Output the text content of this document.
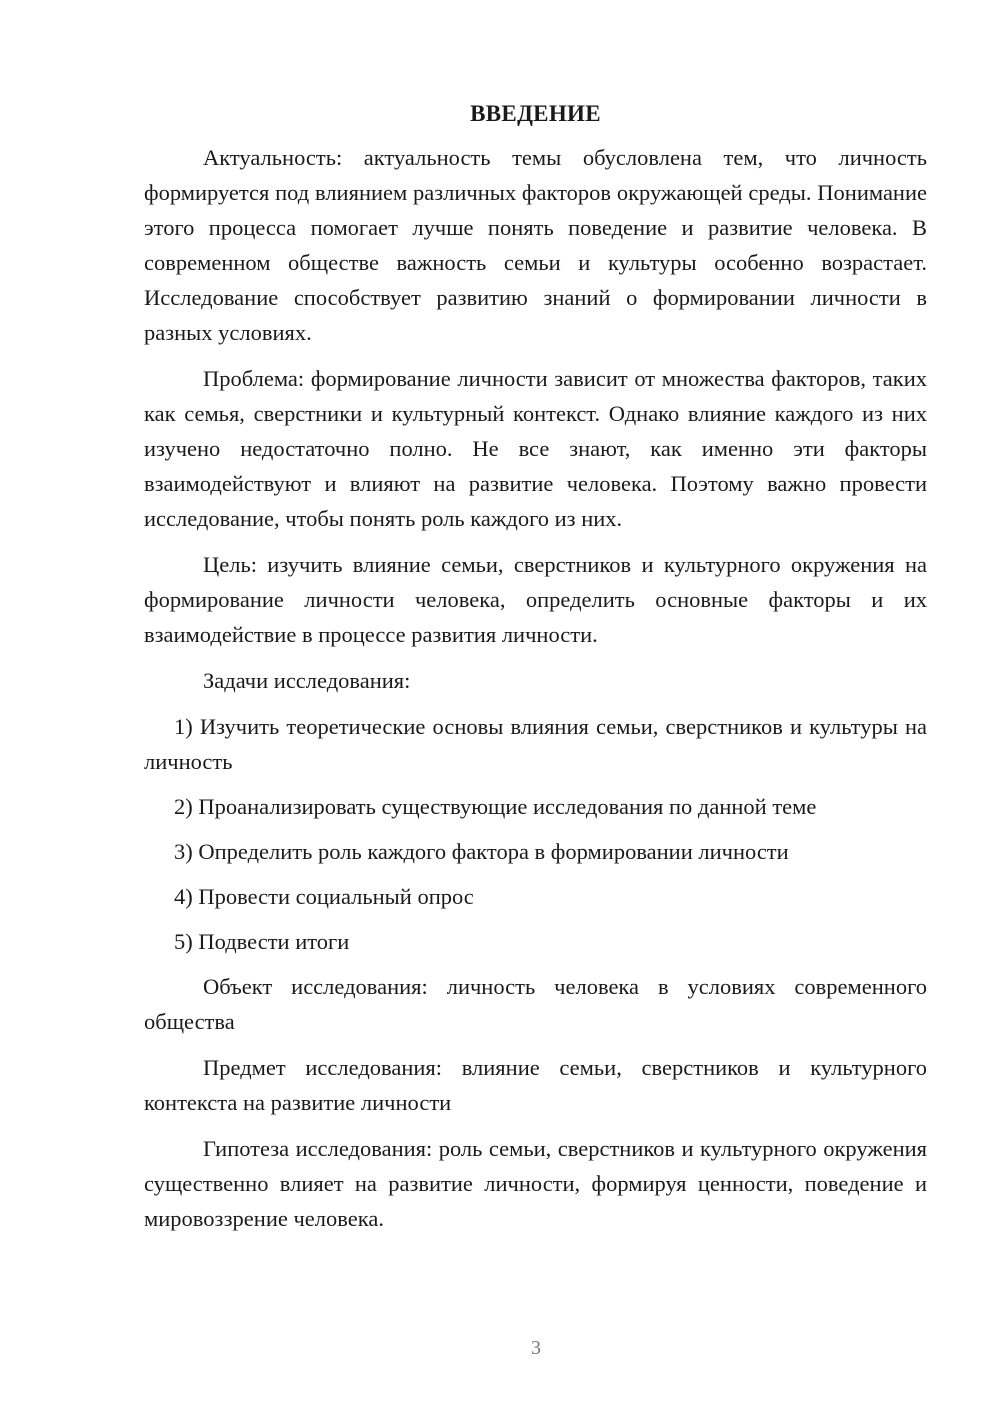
ВВЕДЕНИЕ

Актуальность: актуальность темы обусловлена тем, что личность формируется под влиянием различных факторов окружающей среды. Понимание этого процесса помогает лучше понять поведение и развитие человека. В современном обществе важность семьи и культуры особенно возрастает. Исследование способствует развитию знаний о формировании личности в разных условиях.

Проблема: формирование личности зависит от множества факторов, таких как семья, сверстники и культурный контекст. Однако влияние каждого из них изучено недостаточно полно. Не все знают, как именно эти факторы взаимодействуют и влияют на развитие человека. Поэтому важно провести исследование, чтобы понять роль каждого из них.

Цель: изучить влияние семьи, сверстников и культурного окружения на формирование личности человека, определить основные факторы и их взаимодействие в процессе развития личности.

Задачи исследования:

1) Изучить теоретические основы влияния семьи, сверстников и культуры на личность

2) Проанализировать существующие исследования по данной теме

3) Определить роль каждого фактора в формировании личности

4) Провести социальный опрос

5) Подвести итоги

Объект исследования: личность человека в условиях современного общества

Предмет исследования: влияние семьи, сверстников и культурного контекста на развитие личности

Гипотеза исследования: роль семьи, сверстников и культурного окружения существенно влияет на развитие личности, формируя ценности, поведение и мировоззрение человека.

3
